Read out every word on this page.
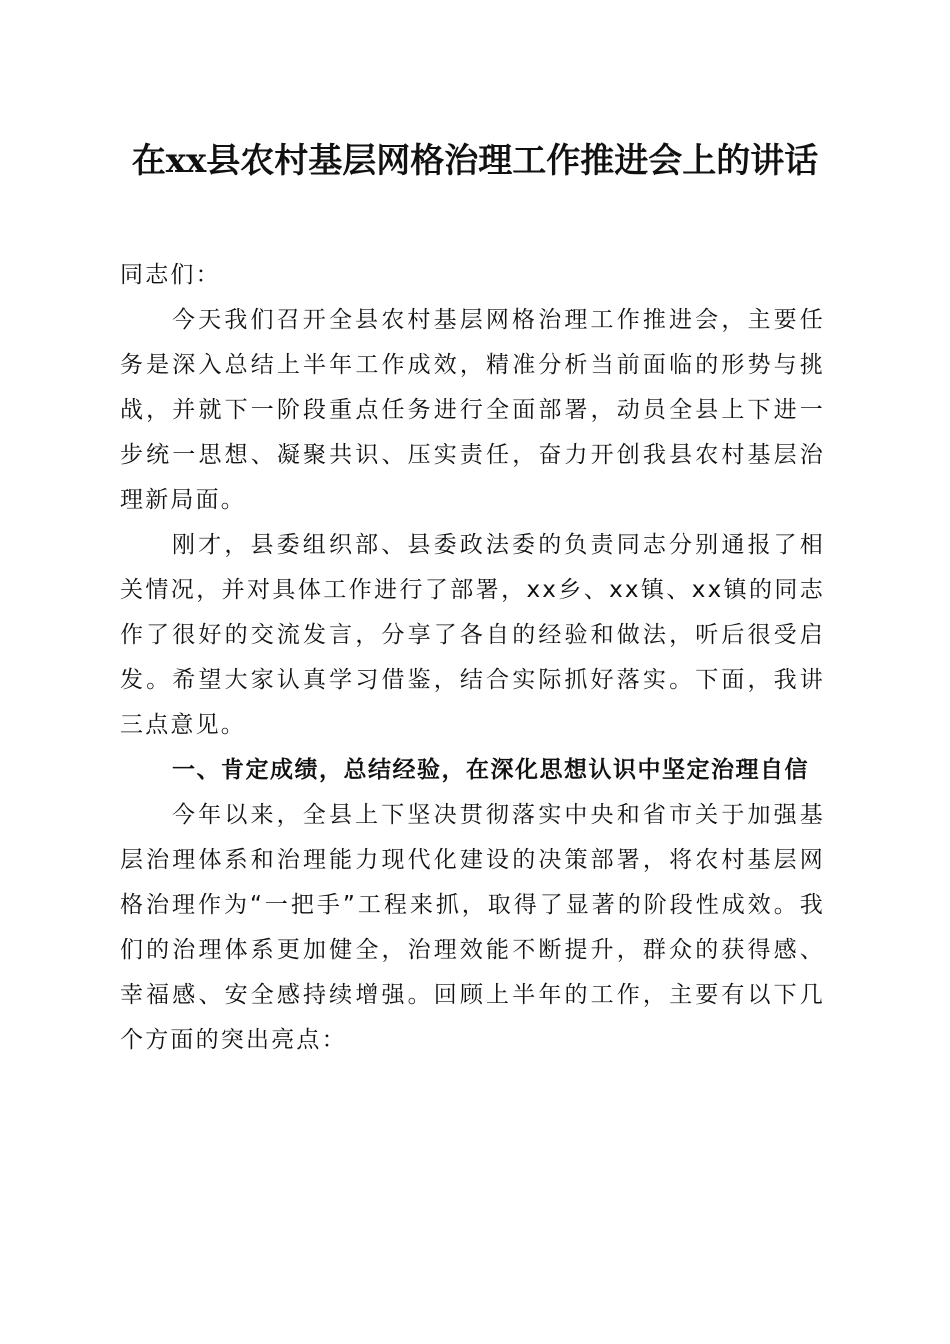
在xx县农村基层网格治理工作推进会上的讲话

同志们：

今天我们召开全县农村基层网格治理工作推进会，主要任务是深入总结上半年工作成效，精准分析当前面临的形势与挑战，并就下一阶段重点任务进行全面部署，动员全县上下进一步统一思想、凝聚共识、压实责任，奋力开创我县农村基层治理新局面。

刚才，县委组织部、县委政法委的负责同志分别通报了相关情况，并对具体工作进行了部署，xx乡、xx镇、xx镇的同志作了很好的交流发言，分享了各自的经验和做法，听后很受启发。希望大家认真学习借鉴，结合实际抓好落实。下面，我讲三点意见。

一、肯定成绩，总结经验，在深化思想认识中坚定治理自信

今年以来，全县上下坚决贯彻落实中央和省市关于加强基层治理体系和治理能力现代化建设的决策部署，将农村基层网格治理作为“一把手”工程来抓，取得了显著的阶段性成效。我们的治理体系更加健全，治理效能不断提升，群众的获得感、幸福感、安全感持续增强。回顾上半年的工作，主要有以下几个方面的突出亮点：
